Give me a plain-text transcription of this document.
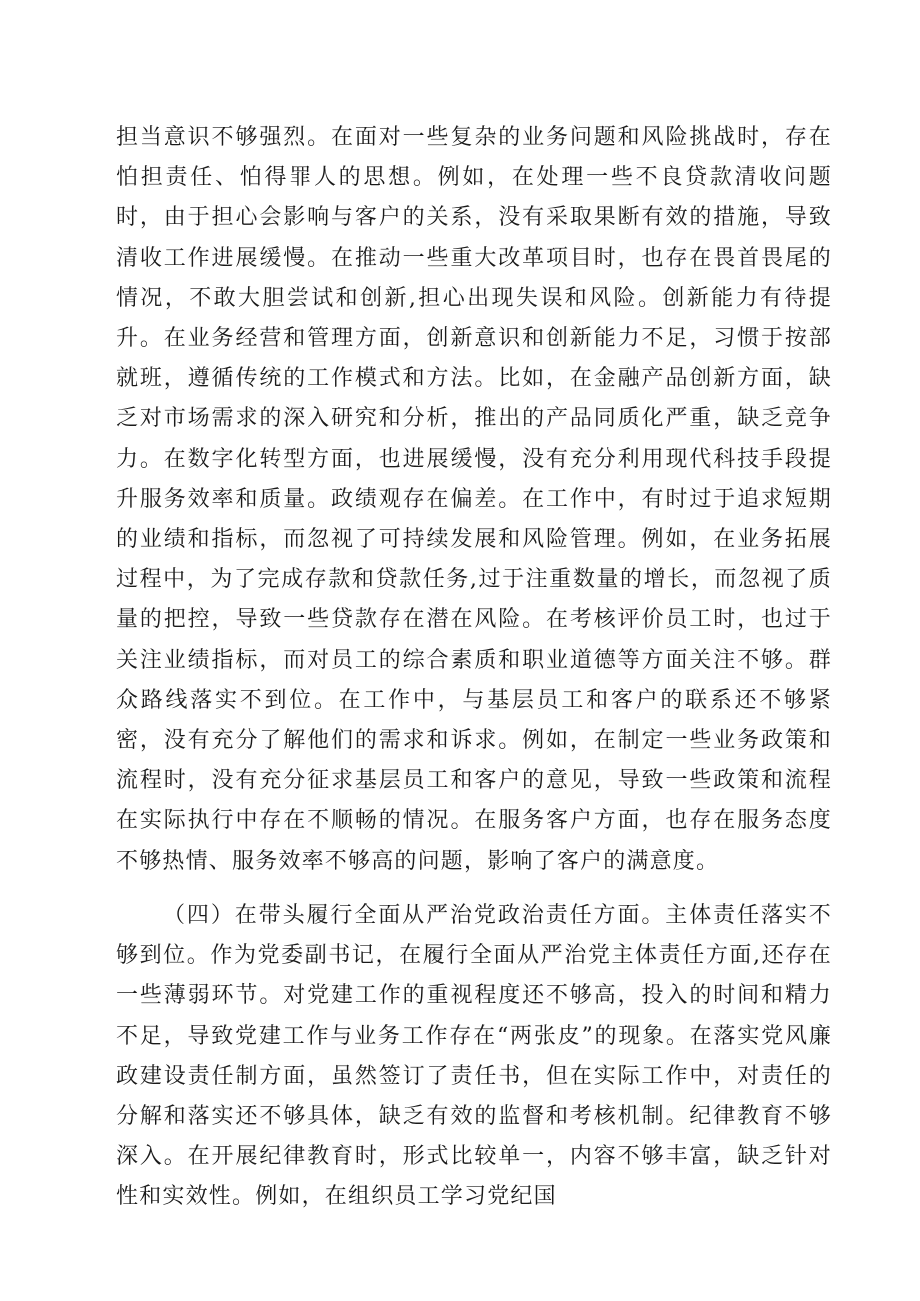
担当意识不够强烈。在面对一些复杂的业务问题和风险挑战时，存在怕担责任、怕得罪人的思想。例如，在处理一些不良贷款清收问题时，由于担心会影响与客户的关系，没有采取果断有效的措施，导致清收工作进展缓慢。在推动一些重大改革项目时，也存在畏首畏尾的情况，不敢大胆尝试和创新,担心出现失误和风险。创新能力有待提升。在业务经营和管理方面，创新意识和创新能力不足，习惯于按部就班，遵循传统的工作模式和方法。比如，在金融产品创新方面，缺乏对市场需求的深入研究和分析，推出的产品同质化严重，缺乏竞争力。在数字化转型方面，也进展缓慢，没有充分利用现代科技手段提升服务效率和质量。政绩观存在偏差。在工作中，有时过于追求短期的业绩和指标，而忽视了可持续发展和风险管理。例如，在业务拓展过程中，为了完成存款和贷款任务,过于注重数量的增长，而忽视了质量的把控，导致一些贷款存在潜在风险。在考核评价员工时，也过于关注业绩指标，而对员工的综合素质和职业道德等方面关注不够。群众路线落实不到位。在工作中，与基层员工和客户的联系还不够紧密，没有充分了解他们的需求和诉求。例如，在制定一些业务政策和流程时，没有充分征求基层员工和客户的意见，导致一些政策和流程在实际执行中存在不顺畅的情况。在服务客户方面，也存在服务态度不够热情、服务效率不够高的问题，影响了客户的满意度。

（四）在带头履行全面从严治党政治责任方面。主体责任落实不够到位。作为党委副书记，在履行全面从严治党主体责任方面,还存在一些薄弱环节。对党建工作的重视程度还不够高，投入的时间和精力不足，导致党建工作与业务工作存在“两张皮”的现象。在落实党风廉政建设责任制方面，虽然签订了责任书，但在实际工作中，对责任的分解和落实还不够具体，缺乏有效的监督和考核机制。纪律教育不够深入。在开展纪律教育时，形式比较单一，内容不够丰富，缺乏针对性和实效性。例如，在组织员工学习党纪国
